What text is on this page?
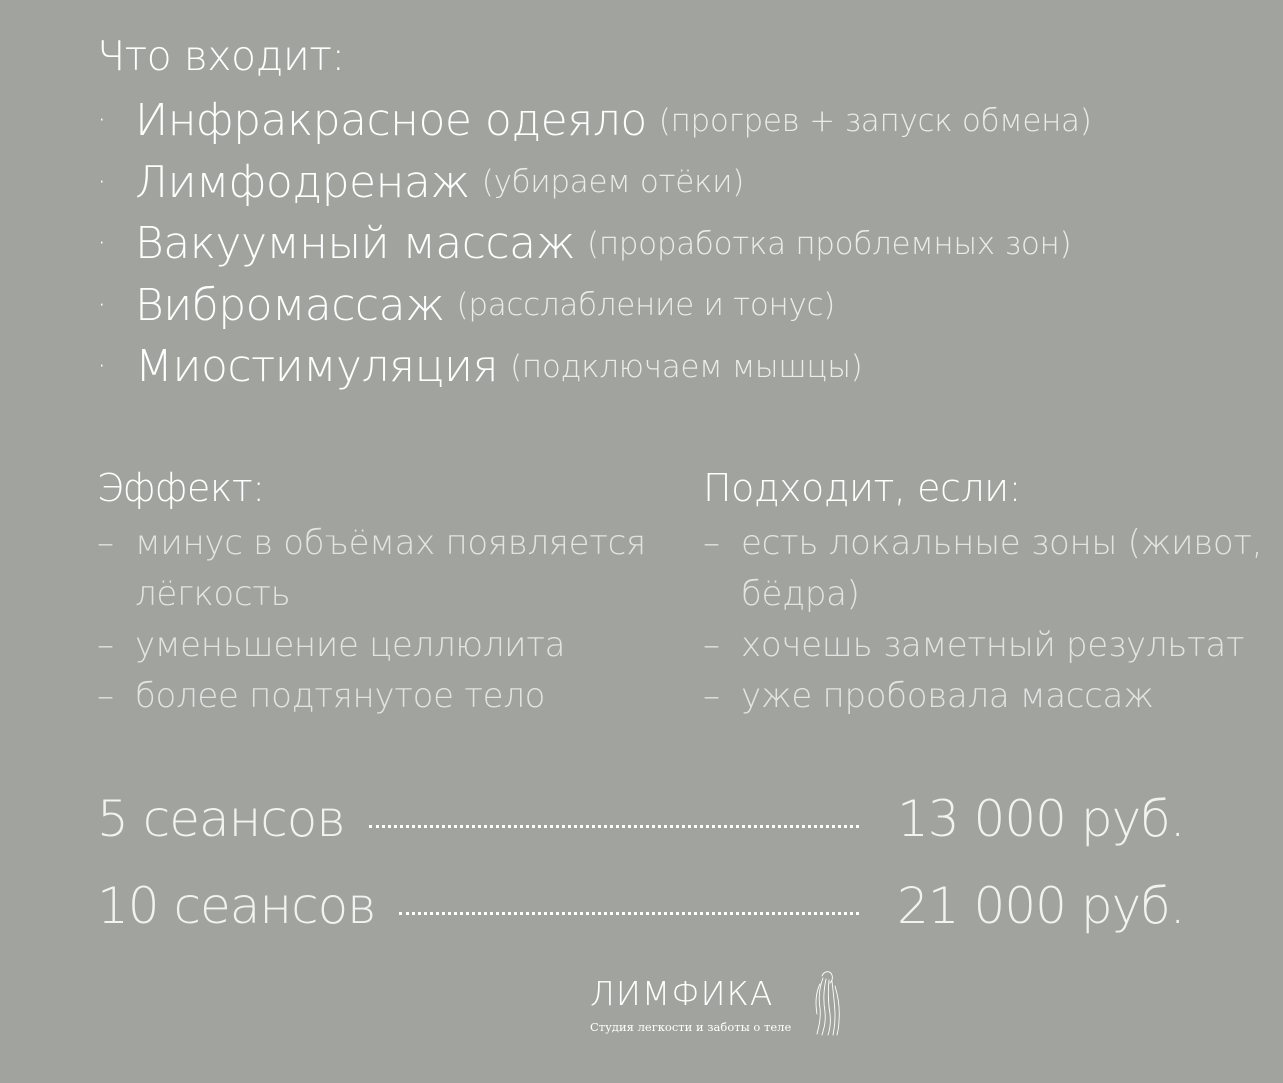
Что входит:
· Инфракрасное одеяло (прогрев + запуск обмена)
· Лимфодренаж (убираем отёки)
· Вакуумный массаж (проработка проблемных зон)
· Вибромассаж (расслабление и тонус)
· Миостимуляция (подключаем мышцы)
Эффект:
– минус в объёмах появляется лёгкость
– уменьшение целлюлита
– более подтянутое тело
Подходит, если:
– есть локальные зоны (живот, бёдра)
– хочешь заметный результат
– уже пробовала массаж
5 сеансов	13 000 руб.
10 сеансов	21 000 руб.
ЛИМФИКА
Студия легкости и заботы о теле
